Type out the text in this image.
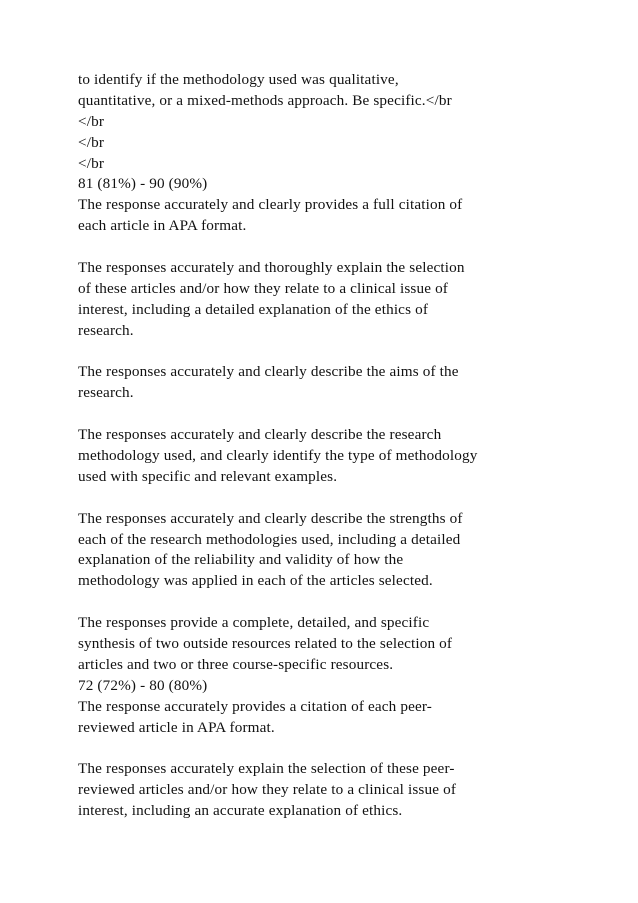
to identify if the methodology used was qualitative,
quantitative, or a mixed-methods approach. Be specific.</br
</br
</br
</br
81 (81%) - 90 (90%)
The response accurately and clearly provides a full citation of
each article in APA format.
The responses accurately and thoroughly explain the selection
of these articles and/or how they relate to a clinical issue of
interest, including a detailed explanation of the ethics of
research.
The responses accurately and clearly describe the aims of the
research.
The responses accurately and clearly describe the research
methodology used, and clearly identify the type of methodology
used with specific and relevant examples.
The responses accurately and clearly describe the strengths of
each of the research methodologies used, including a detailed
explanation of the reliability and validity of how the
methodology was applied in each of the articles selected.
The responses provide a complete, detailed, and specific
synthesis of two outside resources related to the selection of
articles and two or three course-specific resources.
72 (72%) - 80 (80%)
The response accurately provides a citation of each peer-
reviewed article in APA format.
The responses accurately explain the selection of these peer-
reviewed articles and/or how they relate to a clinical issue of
interest, including an accurate explanation of ethics.
